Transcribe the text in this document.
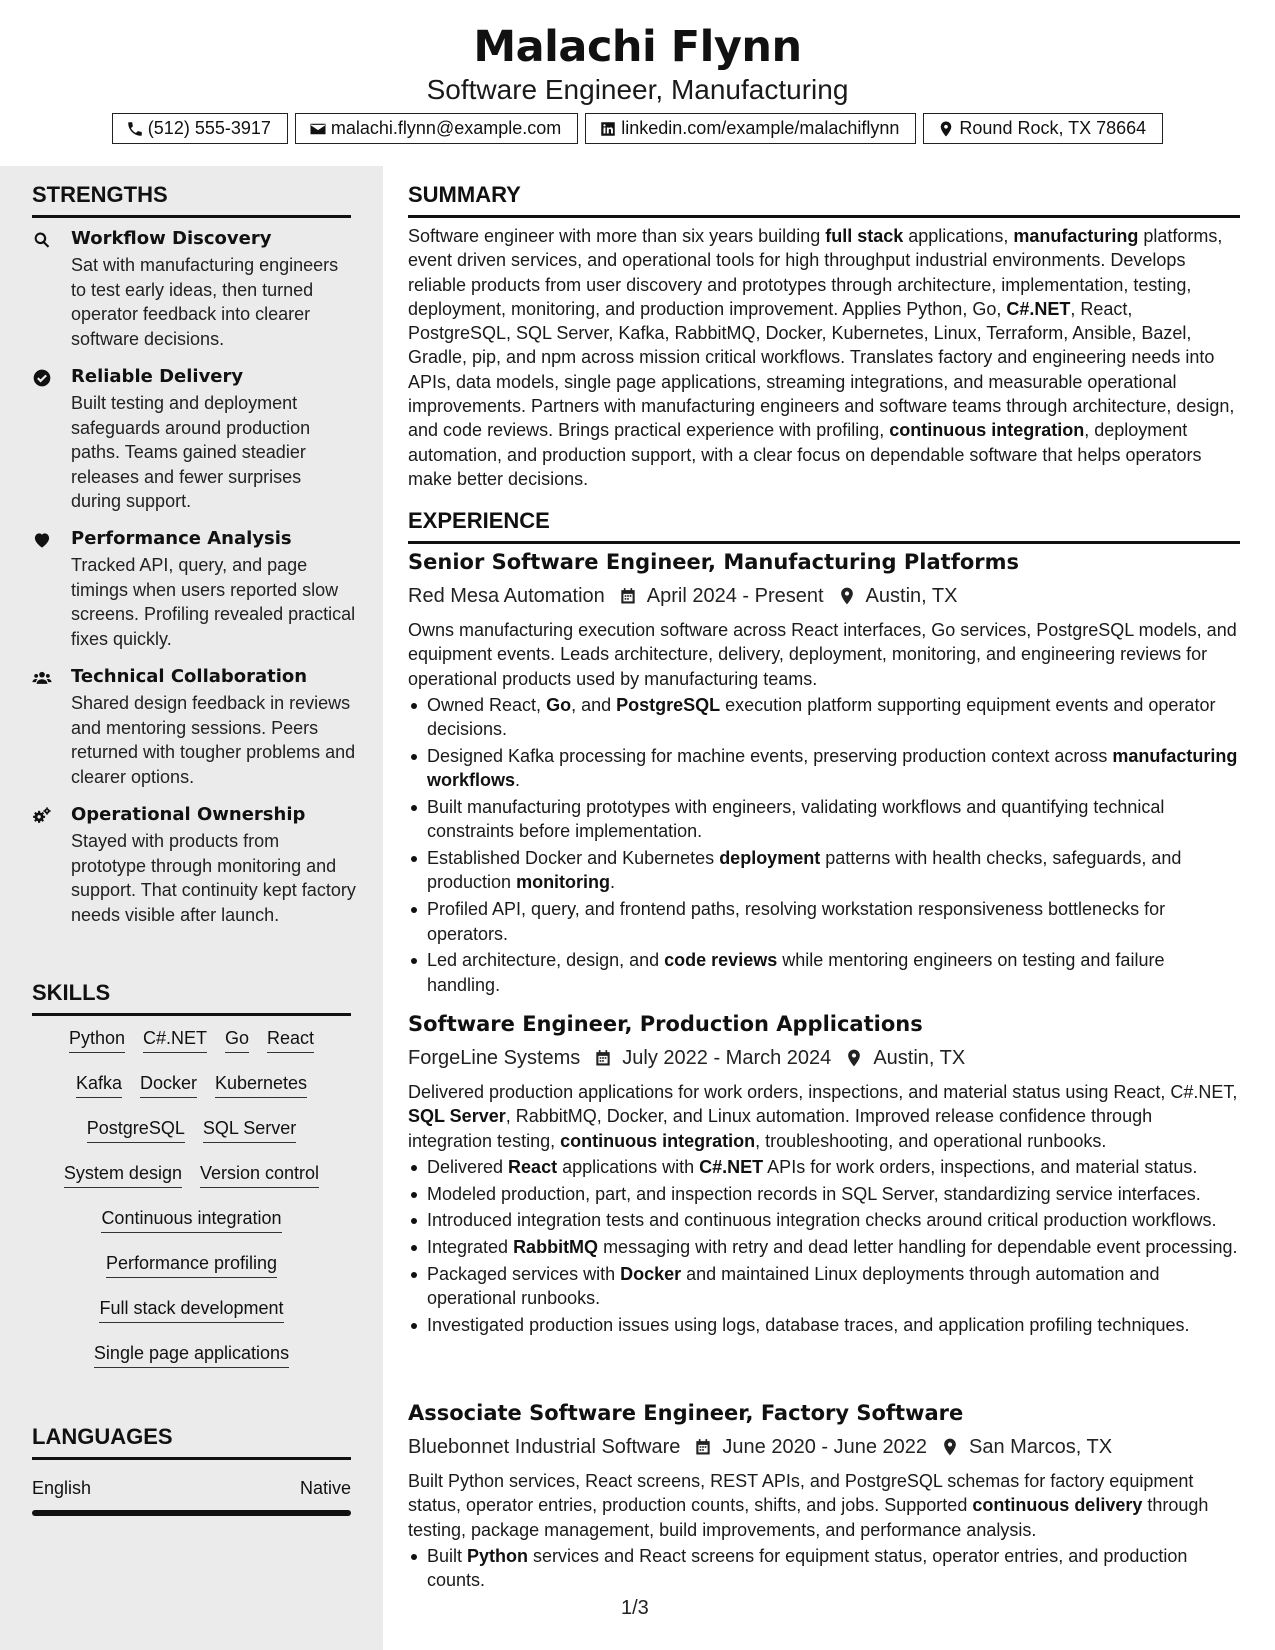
Malachi Flynn
Software Engineer, Manufacturing
(512) 555-3917	malachi.flynn@example.com	linkedin.com/example/malachiflynn	Round Rock, TX 78664
STRENGTHS
Workflow Discovery
Sat with manufacturing engineers to test early ideas, then turned operator feedback into clearer software decisions.
Reliable Delivery
Built testing and deployment safeguards around production paths. Teams gained steadier releases and fewer surprises during support.
Performance Analysis
Tracked API, query, and page timings when users reported slow screens. Profiling revealed practical fixes quickly.
Technical Collaboration
Shared design feedback in reviews and mentoring sessions. Peers returned with tougher problems and clearer options.
Operational Ownership
Stayed with products from prototype through monitoring and support. That continuity kept factory needs visible after launch.
SKILLS
Python C#.NET Go React
Kafka Docker Kubernetes
PostgreSQL SQL Server
System design Version control
Continuous integration
Performance profiling
Full stack development
Single page applications
LANGUAGES
English	Native
SUMMARY
Software engineer with more than six years building full stack applications, manufacturing platforms, event driven services, and operational tools for high throughput industrial environments. Develops reliable products from user discovery and prototypes through architecture, implementation, testing, deployment, monitoring, and production improvement. Applies Python, Go, C#.NET, React, PostgreSQL, SQL Server, Kafka, RabbitMQ, Docker, Kubernetes, Linux, Terraform, Ansible, Bazel, Gradle, pip, and npm across mission critical workflows. Translates factory and engineering needs into APIs, data models, single page applications, streaming integrations, and measurable operational improvements. Partners with manufacturing engineers and software teams through architecture, design, and code reviews. Brings practical experience with profiling, continuous integration, deployment automation, and production support, with a clear focus on dependable software that helps operators make better decisions.
EXPERIENCE
Senior Software Engineer, Manufacturing Platforms
Red Mesa Automation April 2024 - Present Austin, TX
Owns manufacturing execution software across React interfaces, Go services, PostgreSQL models, and equipment events. Leads architecture, delivery, deployment, monitoring, and engineering reviews for operational products used by manufacturing teams.
Owned React, Go, and PostgreSQL execution platform supporting equipment events and operator decisions.
Designed Kafka processing for machine events, preserving production context across manufacturing workflows.
Built manufacturing prototypes with engineers, validating workflows and quantifying technical constraints before implementation.
Established Docker and Kubernetes deployment patterns with health checks, safeguards, and production monitoring.
Profiled API, query, and frontend paths, resolving workstation responsiveness bottlenecks for operators.
Led architecture, design, and code reviews while mentoring engineers on testing and failure handling.
Software Engineer, Production Applications
ForgeLine Systems July 2022 - March 2024 Austin, TX
Delivered production applications for work orders, inspections, and material status using React, C#.NET, SQL Server, RabbitMQ, Docker, and Linux automation. Improved release confidence through integration testing, continuous integration, troubleshooting, and operational runbooks.
Delivered React applications with C#.NET APIs for work orders, inspections, and material status.
Modeled production, part, and inspection records in SQL Server, standardizing service interfaces.
Introduced integration tests and continuous integration checks around critical production workflows.
Integrated RabbitMQ messaging with retry and dead letter handling for dependable event processing.
Packaged services with Docker and maintained Linux deployments through automation and operational runbooks.
Investigated production issues using logs, database traces, and application profiling techniques.
Associate Software Engineer, Factory Software
Bluebonnet Industrial Software June 2020 - June 2022 San Marcos, TX
Built Python services, React screens, REST APIs, and PostgreSQL schemas for factory equipment status, operator entries, production counts, shifts, and jobs. Supported continuous delivery through testing, package management, build improvements, and performance analysis.
Built Python services and React screens for equipment status, operator entries, and production counts.
1/3
